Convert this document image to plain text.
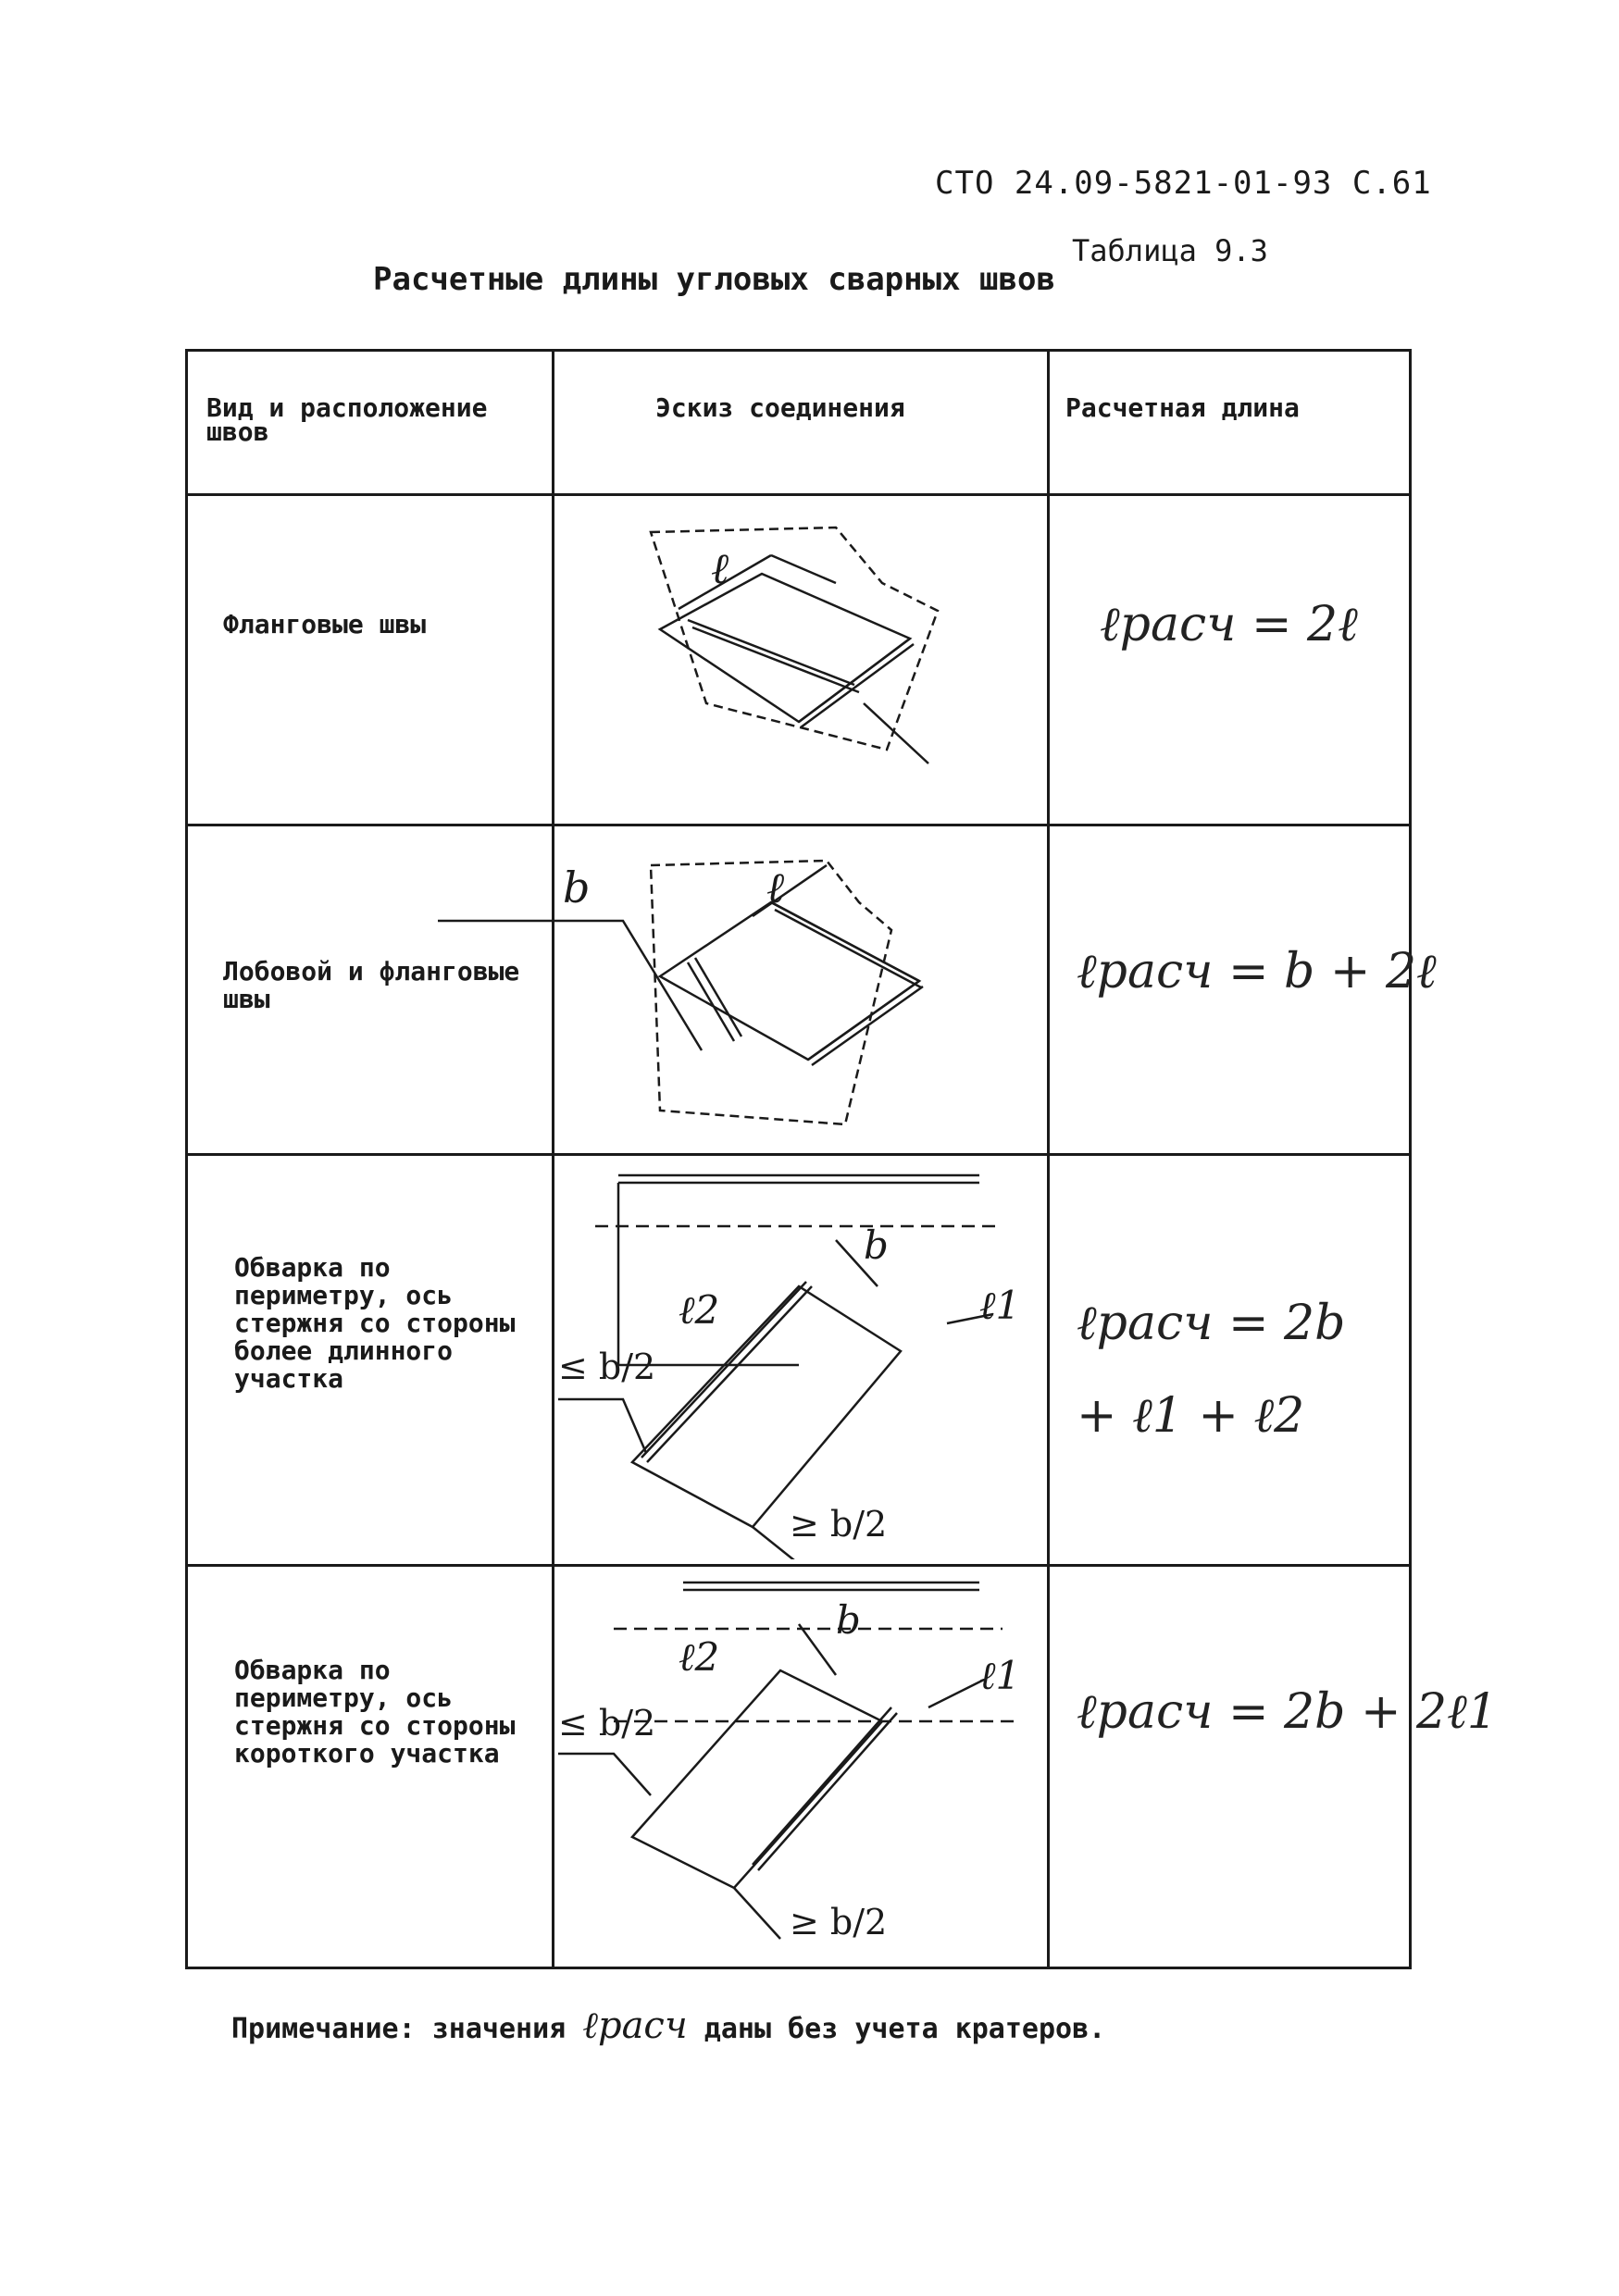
СТО 24.09-5821-01-93 С.61
Таблица 9.3
Расчетные длины угловых сварных швов
Вид и расположение швов
Эскиз соединения	Расчетная длина
Фланговые швы
Лобовой и фланговые швы
Обварка по периметру, ось стержня со стороны более длинного участка
Обварка по периметру, ось стержня со стороны короткого участка
ℓрасч = 2ℓ
ℓрасч = b + 2ℓ
ℓрасч = 2b + ℓ1 + ℓ2
ℓрасч = 2b + 2ℓ1
ℓ
b	ℓ
ℓ2
b
ℓ1
≤ b/2
≥ b/2
ℓ2
b
ℓ1
≤ b/2
≥ b/2
Примечание: значения ℓрасч даны без учета кратеров.
